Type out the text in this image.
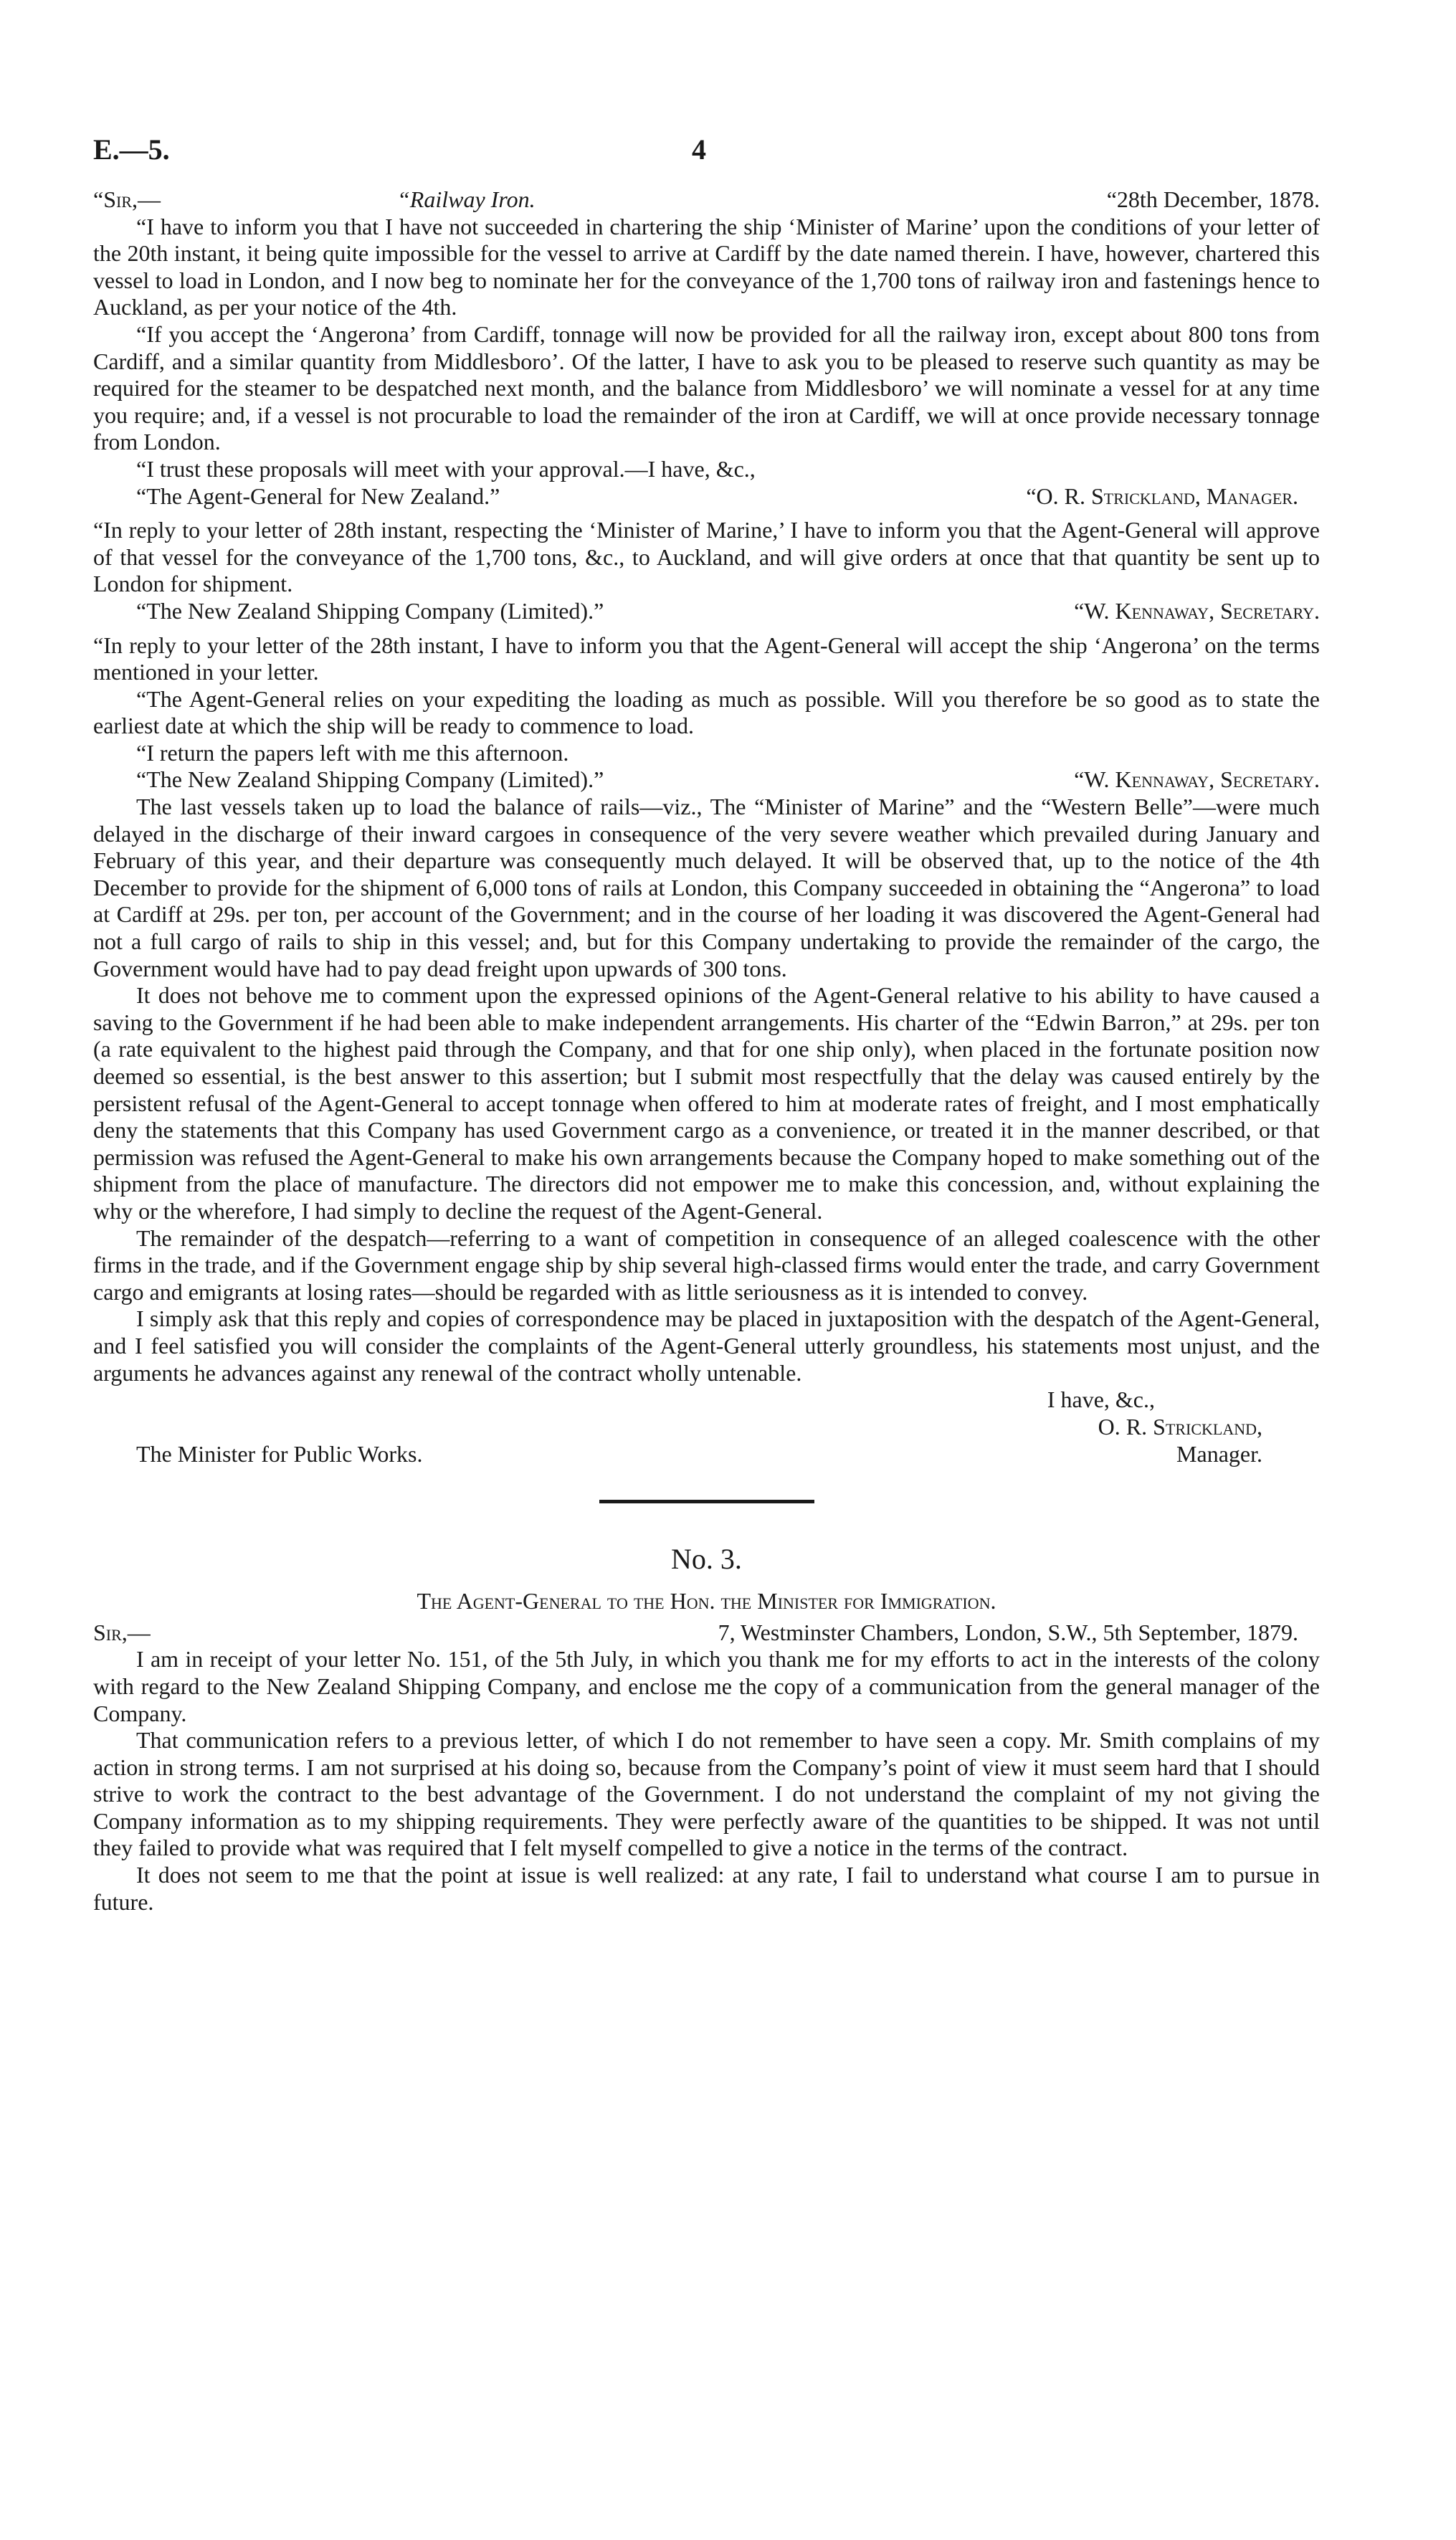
E.—5.	4
“Sir,—	“Railway Iron.	“28th December, 1878.

“I have to inform you that I have not succeeded in chartering the ship ‘Minister of Marine’ upon the conditions of your letter of the 20th instant, it being quite impossible for the vessel to arrive at Cardiff by the date named therein. I have, however, chartered this vessel to load in London, and I now beg to nominate her for the conveyance of the 1,700 tons of railway iron and fastenings hence to Auckland, as per your notice of the 4th.

“If you accept the ‘Angerona’ from Cardiff, tonnage will now be provided for all the railway iron, except about 800 tons from Cardiff, and a similar quantity from Middlesboro’. Of the latter, I have to ask you to be pleased to reserve such quantity as may be required for the steamer to be despatched next month, and the balance from Middlesboro’ we will nominate a vessel for at any time you require; and, if a vessel is not procurable to load the remainder of the iron at Cardiff, we will at once provide necessary tonnage from London.

“I trust these proposals will meet with your approval.—I have, &c.,

“The Agent-General for New Zealand.”	“O. R. Strickland, Manager.

“In reply to your letter of 28th instant, respecting the ‘Minister of Marine,’ I have to inform you that the Agent-General will approve of that vessel for the conveyance of the 1,700 tons, &c., to Auckland, and will give orders at once that that quantity be sent up to London for shipment.

“The New Zealand Shipping Company (Limited).”	“W. Kennaway, Secretary.

“In reply to your letter of the 28th instant, I have to inform you that the Agent-General will accept the ship ‘Angerona’ on the terms mentioned in your letter.

“The Agent-General relies on your expediting the loading as much as possible. Will you therefore be so good as to state the earliest date at which the ship will be ready to commence to load.

“I return the papers left with me this afternoon.

“The New Zealand Shipping Company (Limited).”	“W. Kennaway, Secretary.

The last vessels taken up to load the balance of rails—viz., The “Minister of Marine” and the “Western Belle”—were much delayed in the discharge of their inward cargoes in consequence of the very severe weather which prevailed during January and February of this year, and their departure was consequently much delayed. It will be observed that, up to the notice of the 4th December to provide for the shipment of 6,000 tons of rails at London, this Company succeeded in obtaining the “Angerona” to load at Cardiff at 29s. per ton, per account of the Government; and in the course of her loading it was discovered the Agent-General had not a full cargo of rails to ship in this vessel; and, but for this Company undertaking to provide the remainder of the cargo, the Government would have had to pay dead freight upon upwards of 300 tons.

It does not behove me to comment upon the expressed opinions of the Agent-General relative to his ability to have caused a saving to the Government if he had been able to make independent arrangements. His charter of the “Edwin Barron,” at 29s. per ton (a rate equivalent to the highest paid through the Company, and that for one ship only), when placed in the fortunate position now deemed so essential, is the best answer to this assertion; but I submit most respectfully that the delay was caused entirely by the persistent refusal of the Agent-General to accept tonnage when offered to him at moderate rates of freight, and I most emphatically deny the statements that this Company has used Government cargo as a convenience, or treated it in the manner described, or that permission was refused the Agent-General to make his own arrangements because the Company hoped to make something out of the shipment from the place of manufacture. The directors did not empower me to make this concession, and, without explaining the why or the wherefore, I had simply to decline the request of the Agent-General.

The remainder of the despatch—referring to a want of competition in consequence of an alleged coalescence with the other firms in the trade, and if the Government engage ship by ship several high-classed firms would enter the trade, and carry Government cargo and emigrants at losing rates—should be regarded with as little seriousness as it is intended to convey.

I simply ask that this reply and copies of correspondence may be placed in juxtaposition with the despatch of the Agent-General, and I feel satisfied you will consider the complaints of the Agent-General utterly groundless, his statements most unjust, and the arguments he advances against any renewal of the contract wholly untenable.

I have, &c.,
O. R. Strickland,
Manager.
The Minister for Public Works.
No. 3.
The Agent-General to the Hon. the Minister for Immigration.
Sir,—	7, Westminster Chambers, London, S.W., 5th September, 1879.

I am in receipt of your letter No. 151, of the 5th July, in which you thank me for my efforts to act in the interests of the colony with regard to the New Zealand Shipping Company, and enclose me the copy of a communication from the general manager of the Company.

That communication refers to a previous letter, of which I do not remember to have seen a copy. Mr. Smith complains of my action in strong terms. I am not surprised at his doing so, because from the Company’s point of view it must seem hard that I should strive to work the contract to the best advantage of the Government. I do not understand the complaint of my not giving the Company information as to my shipping requirements. They were perfectly aware of the quantities to be shipped. It was not until they failed to provide what was required that I felt myself compelled to give a notice in the terms of the contract.

It does not seem to me that the point at issue is well realized: at any rate, I fail to understand what course I am to pursue in future.
